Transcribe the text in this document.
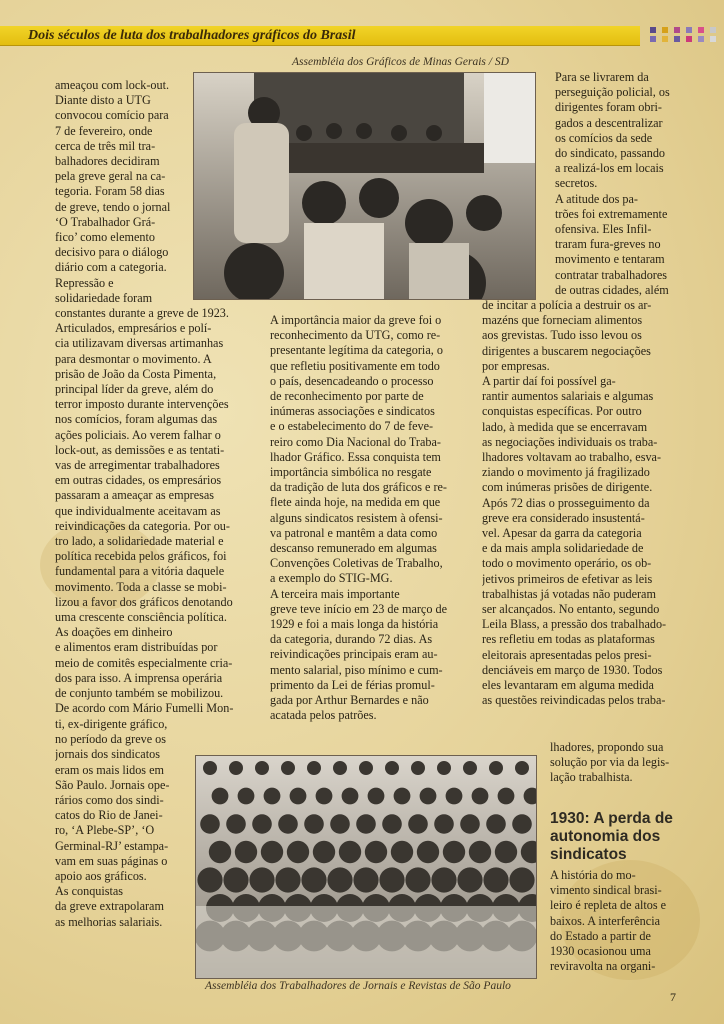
Dois séculos de luta dos trabalhadores gráficos do Brasil
Assembléia dos Gráficos de Minas Gerais / SD
ameaçou com lock-out.
Diante disto a UTG
convocou comício para
7 de fevereiro, onde
cerca de três mil tra-
balhadores decidiram
pela greve geral na ca-
tegoria. Foram 58 dias
de greve, tendo o jornal
‘O Trabalhador Grá-
fico’ como elemento
decisivo para o diálogo
diário com a categoria.
Repressão e
solidariedade foram
constantes durante a greve de 1923.
Articulados, empresários e polí-
cia utilizavam diversas artimanhas
para desmontar o movimento. A
prisão de João da Costa Pimenta,
principal líder da greve, além do
terror imposto durante intervenções
nos comícios, foram algumas das
ações policiais. Ao verem falhar o
lock-out, as demissões e as tentati-
vas de arregimentar trabalhadores
em outras cidades, os empresários
passaram a ameaçar as empresas
que individualmente aceitavam as
reivindicações da categoria. Por ou-
tro lado, a solidariedade material e
política recebida pelos gráficos, foi
fundamental para a vitória daquele
movimento. Toda a classe se mobi-
lizou a favor dos gráficos denotando
uma crescente consciência política.
As doações em dinheiro
e alimentos eram distribuídas por
meio de comitês especialmente cria-
dos para isso. A imprensa operária
de conjunto também se mobilizou.
De acordo com Mário Fumelli Mon-
ti, ex-dirigente gráfico,
no período da greve os
jornais dos sindicatos
eram os mais lidos em
São Paulo. Jornais ope-
rários como dos sindi-
catos do Rio de Janei-
ro, ‘A Plebe-SP’, ‘O
Germinal-RJ’ estampa-
vam em suas páginas o
apoio aos gráficos.
As conquistas
da greve extrapolaram
as melhorias salariais.
A importância maior da greve foi o
reconhecimento da UTG, como re-
presentante legítima da categoria, o
que refletiu positivamente em todo
o país, desencadeando o processo
de reconhecimento por parte de
inúmeras associações e sindicatos
e o estabelecimento do 7 de feve-
reiro como Dia Nacional do Traba-
lhador Gráfico. Essa conquista tem
importância simbólica no resgate
da tradição de luta dos gráficos e re-
flete ainda hoje, na medida em que
alguns sindicatos resistem à ofensi-
va patronal e mantêm a data como
descanso remunerado em algumas
Convenções Coletivas de Trabalho,
a exemplo do STIG-MG.
A terceira mais importante
greve teve início em 23 de março de
1929 e foi a mais longa da história
da categoria, durando 72 dias. As
reivindicações principais eram au-
mento salarial, piso mínimo e cum-
primento da Lei de férias promul-
gada por Arthur Bernardes e não
acatada pelos patrões.
Para se livrarem da
perseguição policial, os
dirigentes foram obri-
gados a descentralizar
os comícios da sede
do sindicato, passando
a realizá-los em locais
secretos.
A atitude dos pa-
trões foi extremamente
ofensiva. Eles Infil-
traram fura-greves no
movimento e tentaram
contratar trabalhadores
de outras cidades, além
de incitar a polícia a destruir os ar-
mazéns que forneciam alimentos
aos grevistas. Tudo isso levou os
dirigentes a buscarem negociações
por empresas.
A partir daí foi possível ga-
rantir aumentos salariais e algumas
conquistas específicas. Por outro
lado, à medida que se encerravam
as negociações individuais os traba-
lhadores voltavam ao trabalho, esva-
ziando o movimento já fragilizado
com inúmeras prisões de dirigente.
Após 72 dias o prosseguimento da
greve era considerado insustentá-
vel. Apesar da garra da categoria
e da mais ampla solidariedade de
todo o movimento operário, os ob-
jetivos primeiros de efetivar as leis
trabalhistas já votadas não puderam
ser alcançados. No entanto, segundo
Leila Blass, a pressão dos trabalhado-
res refletiu em todas as plataformas
eleitorais apresentadas pelos presi-
denciáveis em março de 1930. Todos
eles levantaram em alguma medida
as questões reivindicadas pelos traba-
lhadores, propondo sua
solução por via da legis-
lação trabalhista.
1930: A perda de autonomia dos sindicatos
A história do mo-
vimento sindical brasi-
leiro é repleta de altos e
baixos. A interferência
do Estado a partir de
1930 ocasionou uma
reviravolta na organi-
Assembléia dos Trabalhadores de Jornais e Revistas de São Paulo
7
